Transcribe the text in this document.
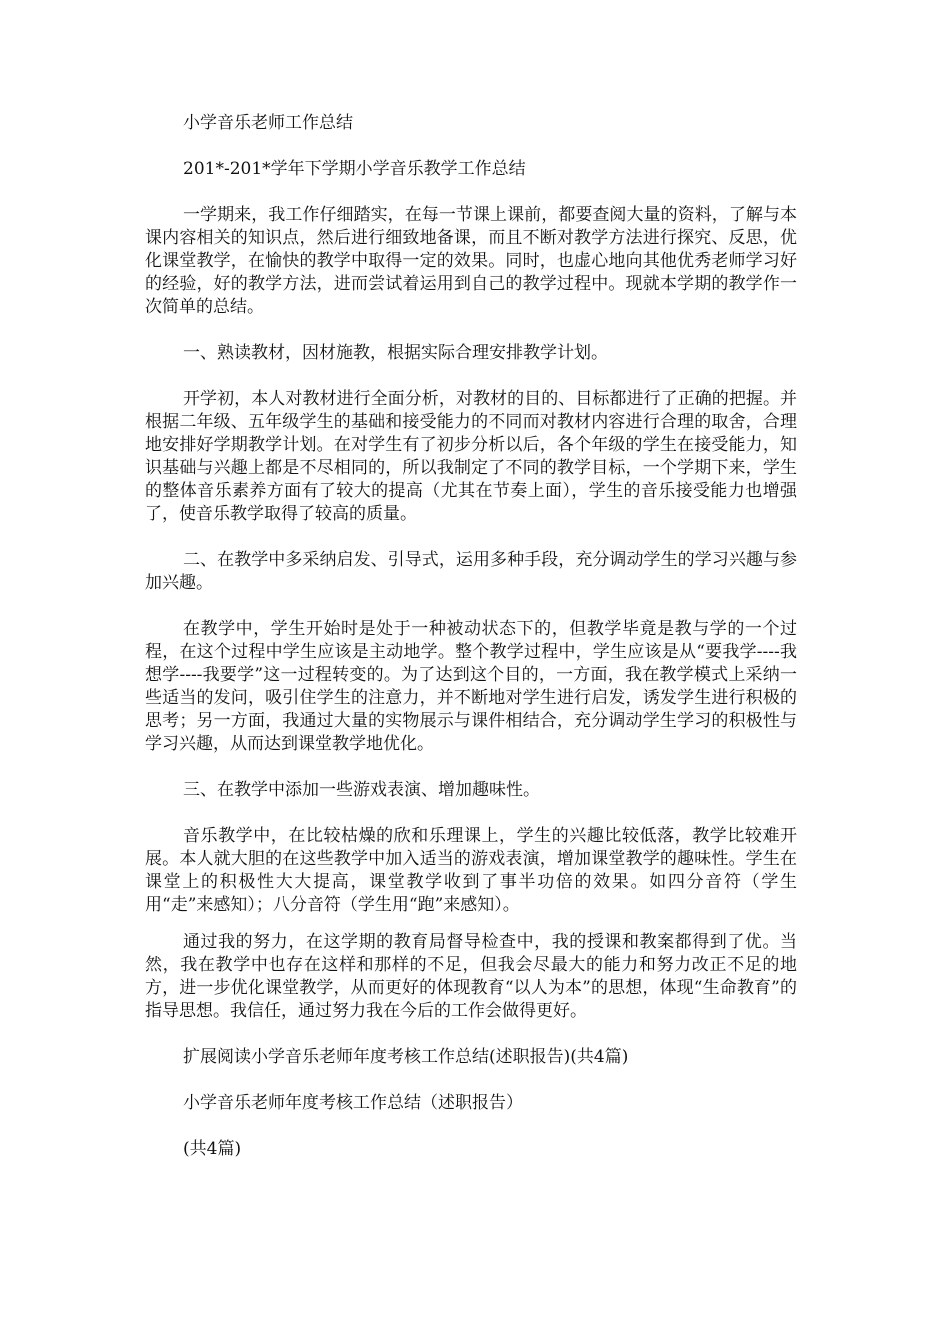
小学音乐老师工作总结

201*-201*学年下学期小学音乐教学工作总结

一学期来，我工作仔细踏实，在每一节课上课前，都要查阅大量的资料，了解与本课内容相关的知识点，然后进行细致地备课，而且不断对教学方法进行探究、反思，优化课堂教学，在愉快的教学中取得一定的效果。同时，也虚心地向其他优秀老师学习好的经验，好的教学方法，进而尝试着运用到自己的教学过程中。现就本学期的教学作一次简单的总结。

一、熟读教材，因材施教，根据实际合理安排教学计划。

开学初，本人对教材进行全面分析，对教材的目的、目标都进行了正确的把握。并根据二年级、五年级学生的基础和接受能力的不同而对教材内容进行合理的取舍，合理地安排好学期教学计划。在对学生有了初步分析以后，各个年级的学生在接受能力，知识基础与兴趣上都是不尽相同的，所以我制定了不同的教学目标，一个学期下来，学生的整体音乐素养方面有了较大的提高（尤其在节奏上面），学生的音乐接受能力也增强了，使音乐教学取得了较高的质量。

二、在教学中多采纳启发、引导式，运用多种手段，充分调动学生的学习兴趣与参加兴趣。

在教学中，学生开始时是处于一种被动状态下的，但教学毕竟是教与学的一个过程，在这个过程中学生应该是主动地学。整个教学过程中，学生应该是从“要我学----我想学----我要学”这一过程转变的。为了达到这个目的，一方面，我在教学模式上采纳一些适当的发问，吸引住学生的注意力，并不断地对学生进行启发，诱发学生进行积极的思考；另一方面，我通过大量的实物展示与课件相结合，充分调动学生学习的积极性与学习兴趣，从而达到课堂教学地优化。

三、在教学中添加一些游戏表演、增加趣味性。

音乐教学中，在比较枯燥的欣和乐理课上，学生的兴趣比较低落，教学比较难开展。本人就大胆的在这些教学中加入适当的游戏表演，增加课堂教学的趣味性。学生在课堂上的积极性大大提高，课堂教学收到了事半功倍的效果。如四分音符（学生用“走”来感知）；八分音符（学生用“跑”来感知）。

通过我的努力，在这学期的教育局督导检查中，我的授课和教案都得到了优。当然，我在教学中也存在这样和那样的不足，但我会尽最大的能力和努力改正不足的地方，进一步优化课堂教学，从而更好的体现教育“以人为本”的思想，体现“生命教育”的指导思想。我信任，通过努力我在今后的工作会做得更好。

扩展阅读小学音乐老师年度考核工作总结(述职报告)(共4篇)

小学音乐老师年度考核工作总结（述职报告）

(共4篇)
